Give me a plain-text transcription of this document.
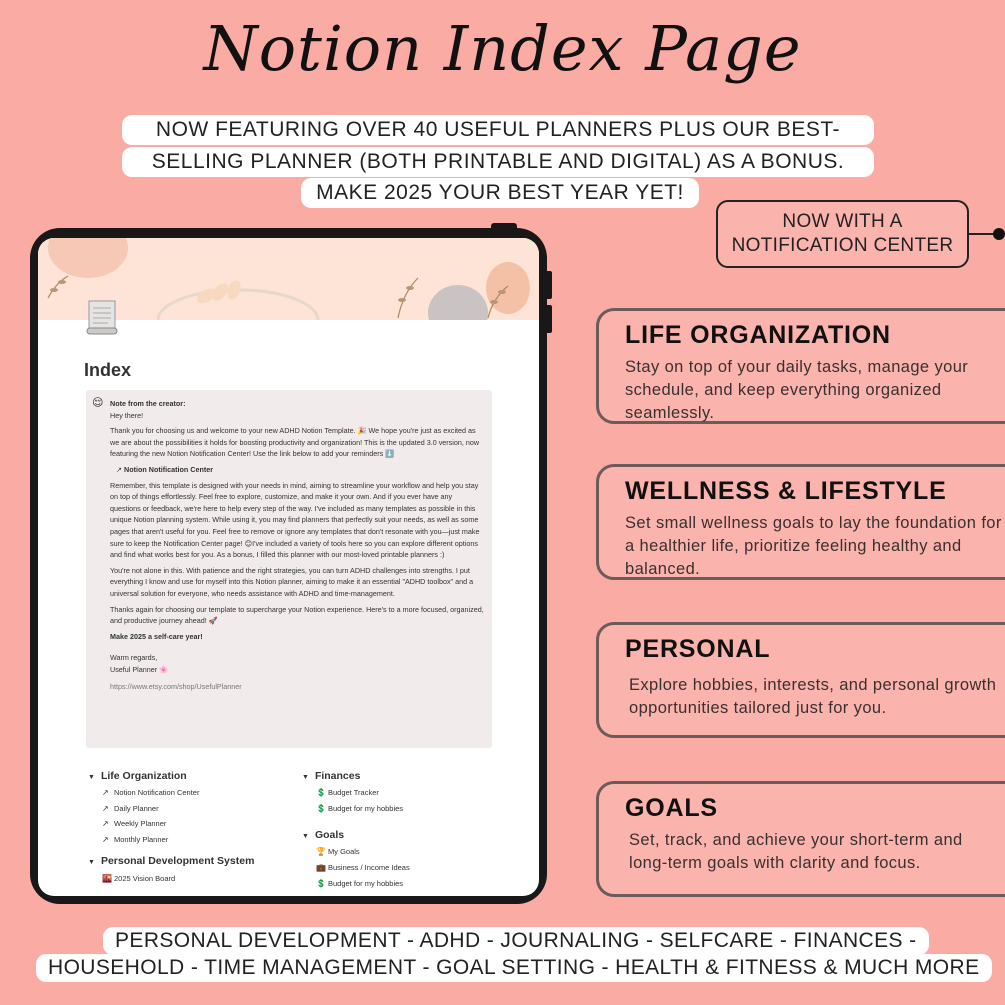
Notion Index Page
NOW FEATURING OVER 40 USEFUL PLANNERS PLUS OUR BEST-
SELLING PLANNER (BOTH PRINTABLE AND DIGITAL) AS A BONUS.
MAKE 2025 YOUR BEST YEAR YET!
NOW WITH A
NOTIFICATION CENTER
LIFE ORGANIZATION

Stay on top of your daily tasks, manage your schedule, and keep everything organized seamlessly.

WELLNESS & LIFESTYLE

Set small wellness goals to lay the foundation for a healthier life, prioritize feeling healthy and balanced.

PERSONAL

Explore hobbies, interests, and personal growth opportunities tailored just for you.

GOALS

Set, track, and achieve your short-term and long-term goals with clarity and focus.

PERSONAL DEVELOPMENT - ADHD - JOURNALING - SELFCARE - FINANCES -
HOUSEHOLD - TIME MANAGEMENT - GOAL SETTING - HEALTH & FITNESS & MUCH MORE
Index
😌 Note from the creator:
Hey there!
Thank you for choosing us and welcome to your new ADHD Notion Template. 🎉 We hope you're just as excited as we are about the possibilities it holds for boosting productivity and organization! This is the updated 3.0 version, now featuring the new Notion Notification Center! Use the link below to add your reminders ⬇️
↗ Notion Notification Center
Remember, this template is designed with your needs in mind, aiming to streamline your workflow and help you stay on top of things effortlessly. Feel free to explore, customize, and make it your own. And if you ever have any questions or feedback, we're here to help every step of the way. I've included as many templates as possible in this unique Notion planning system. While using it, you may find planners that perfectly suit your needs, as well as some pages that aren't useful for you. Feel free to remove or ignore any templates that don't resonate with you—just make sure to keep the Notification Center page! 😊I've included a variety of tools here so you can explore different options and find what works best for you. As a bonus, I filled this planner with our most-loved printable planners :)
You're not alone in this. With patience and the right strategies, you can turn ADHD challenges into strengths. I put everything I know and use for myself into this Notion planner, aiming to make it an essential "ADHD toolbox" and a universal solution for everyone, who needs assistance with ADHD and time-management.
Thanks again for choosing our template to supercharge your Notion experience. Here's to a more focused, organized, and productive journey ahead! 🚀
Make 2025 a self-care year!
Warm regards,
Useful Planner 🌸
https://www.etsy.com/shop/UsefulPlanner
▼ Life Organization
↗ Notion Notification Center
↗ Daily Planner
↗ Weekly Planner
↗ Monthly Planner
▼ Personal Development System
🌇 2025 Vision Board
▼ Finances
💲 Budget Tracker
💲 Budget for my hobbies
▼ Goals
🏆 My Goals
💼 Business / Income Ideas
💲 Budget for my hobbies
